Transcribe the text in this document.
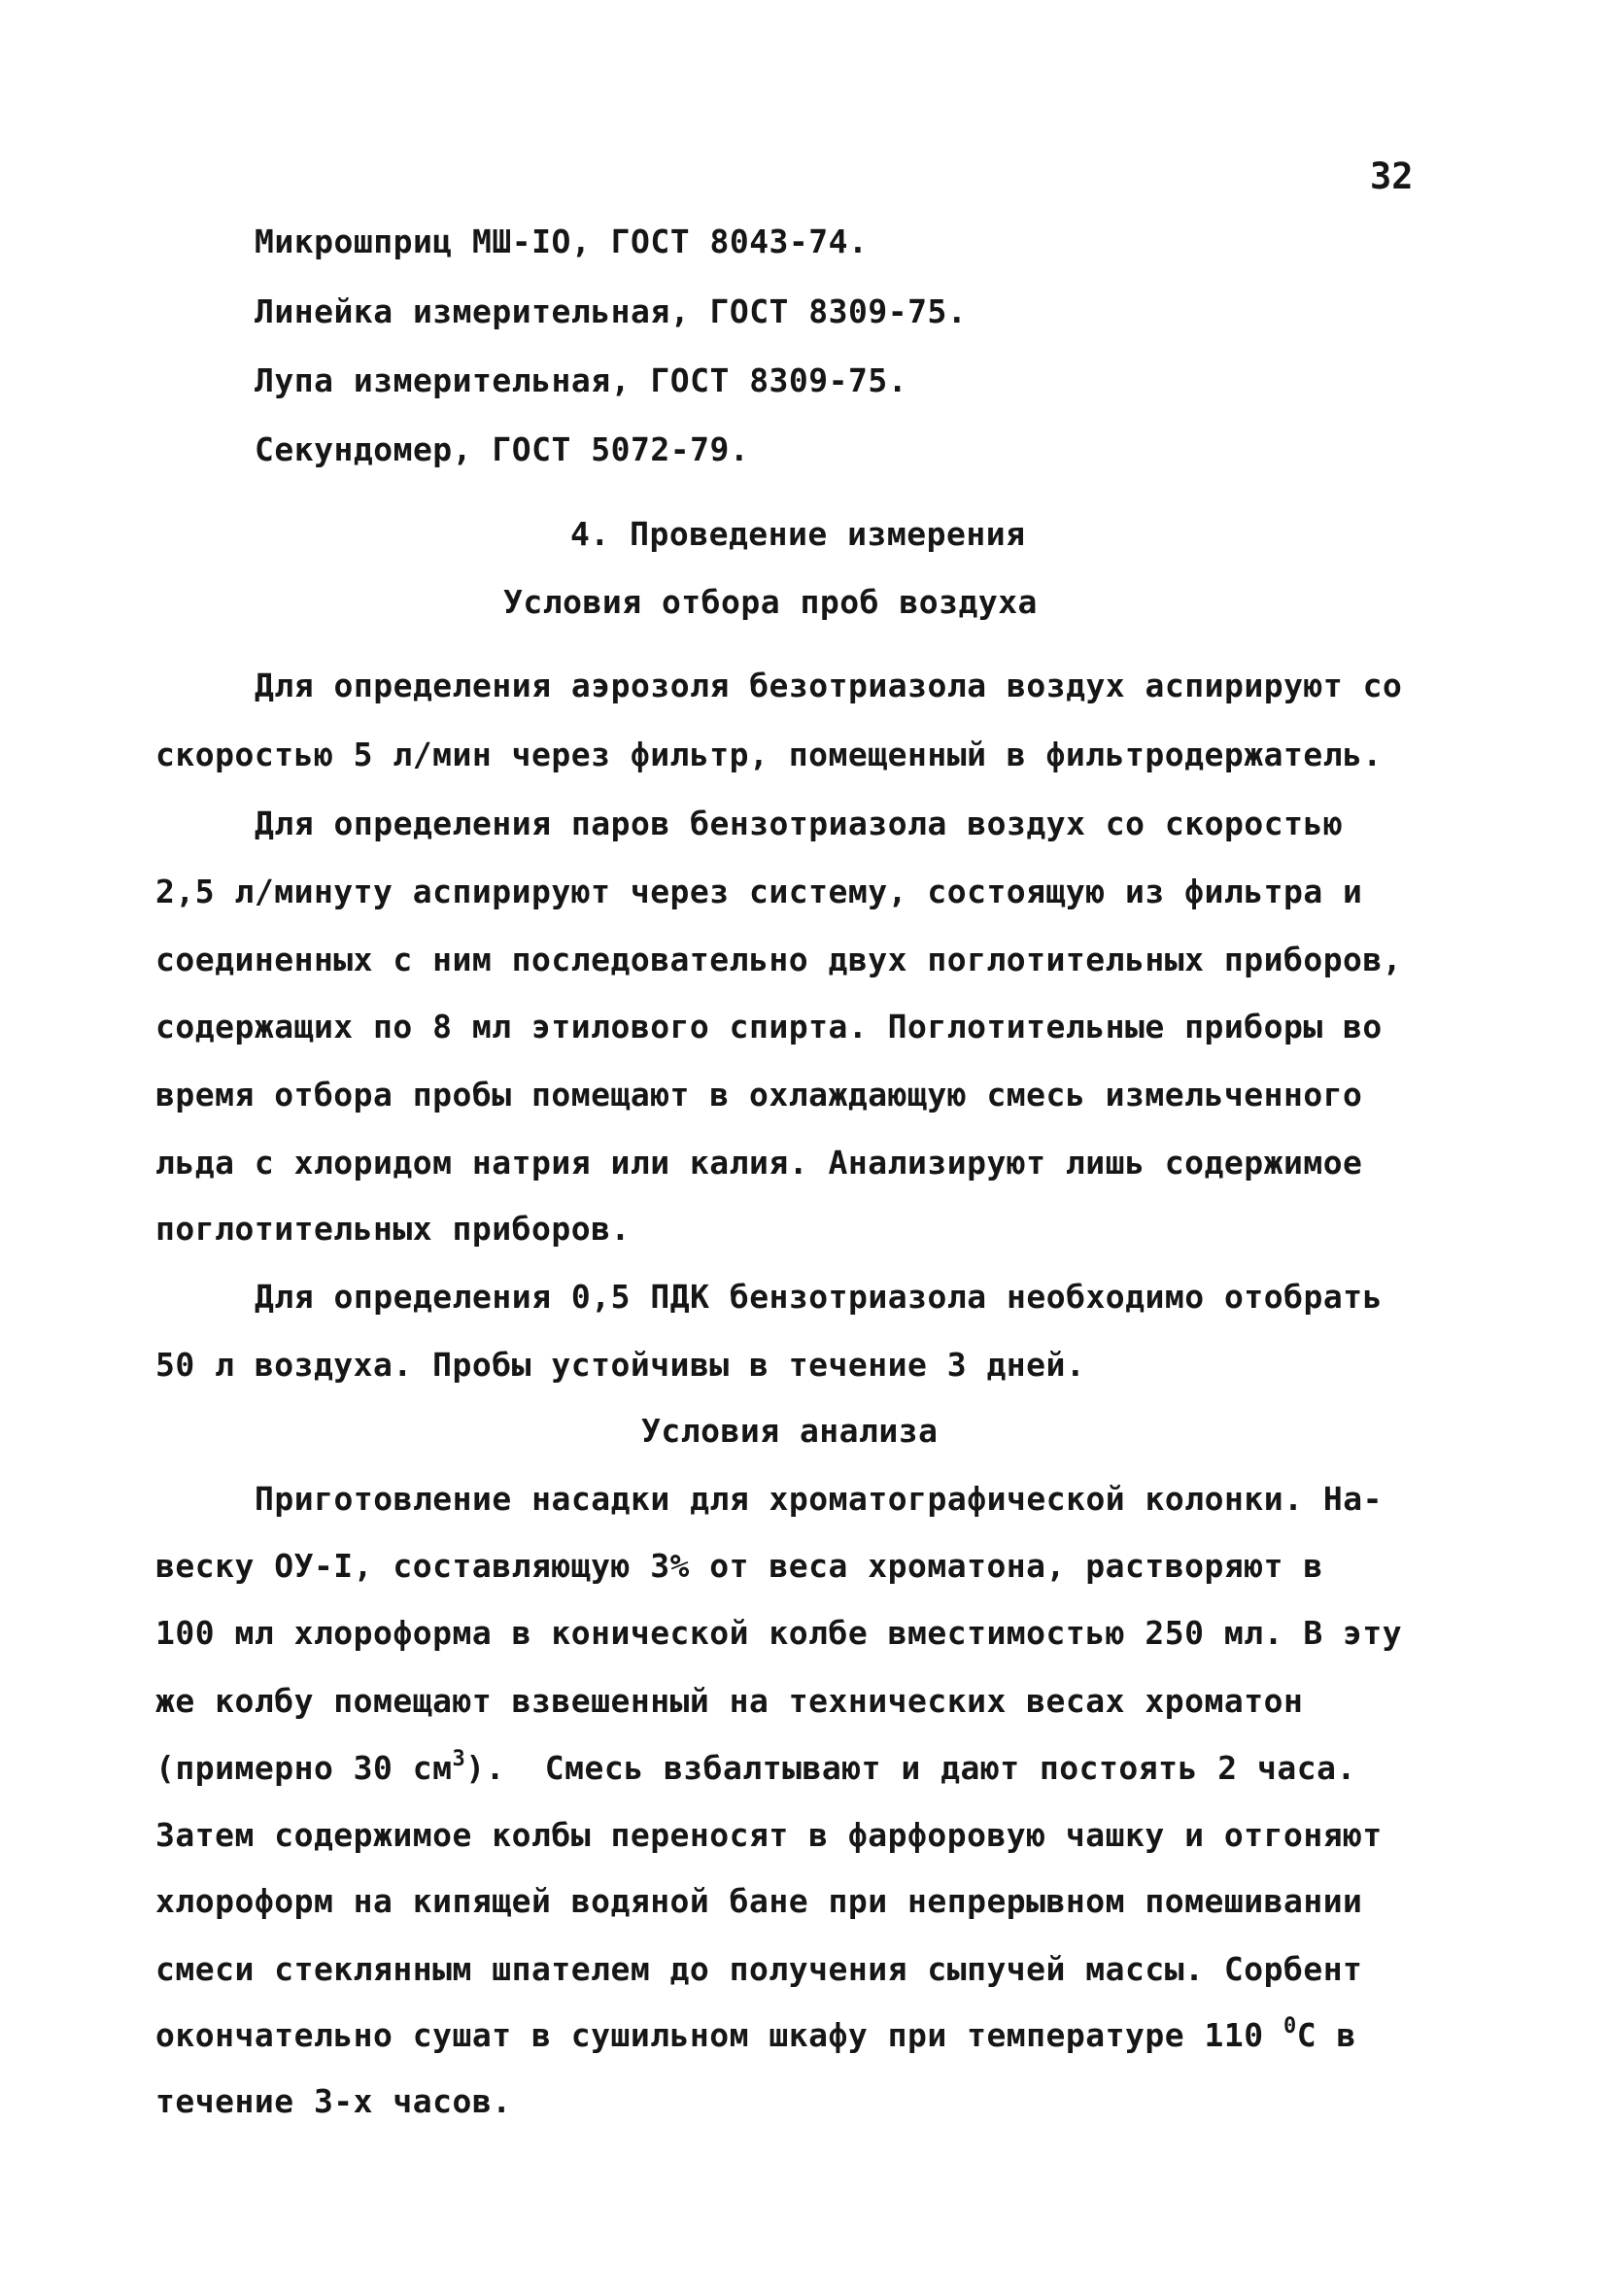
32
Микрошприц МШ-IO, ГОСТ 8043-74.
Линейка измерительная, ГОСТ 8309-75.
Лупа измерительная, ГОСТ 8309-75.
Секундомер, ГОСТ 5072-79.
4. Проведение измерения
Условия отбора проб воздуха
Для определения аэрозоля безотриазола воздух аспирируют со
скоростью 5 л/мин через фильтр, помещенный в фильтродержатель.
Для определения паров бензотриазола воздух со скоростью
2,5 л/минуту аспирируют через систему, состоящую из фильтра и
соединенных с ним последовательно двух поглотительных приборов,
содержащих по 8 мл этилового спирта. Поглотительные приборы во
время отбора пробы помещают в охлаждающую смесь измельченного
льда с хлоридом натрия или калия. Анализируют лишь содержимое
поглотительных приборов.
Для определения 0,5 ПДК бензотриазола необходимо отобрать
50 л воздуха. Пробы устойчивы в течение 3 дней.
Условия анализа
Приготовление насадки для хроматографической колонки. На-
веску ОУ-I, составляющую 3% от веса хроматона, растворяют в
100 мл хлороформа в конической колбе вместимостью 250 мл. В эту
же колбу помещают взвешенный на технических весах хроматон
(примерно 30 $см^3$).  Смесь взбалтывают и дают постоять 2 часа.
Затем содержимое колбы переносят в фарфоровую чашку и отгоняют
хлороформ на кипящей водяной бане при непрерывном помешивании
смеси стеклянным шпателем до получения сыпучей массы. Сорбент
окончательно сушат в сушильном шкафу при температуре 110 $^0$С в
течение 3-х часов.
